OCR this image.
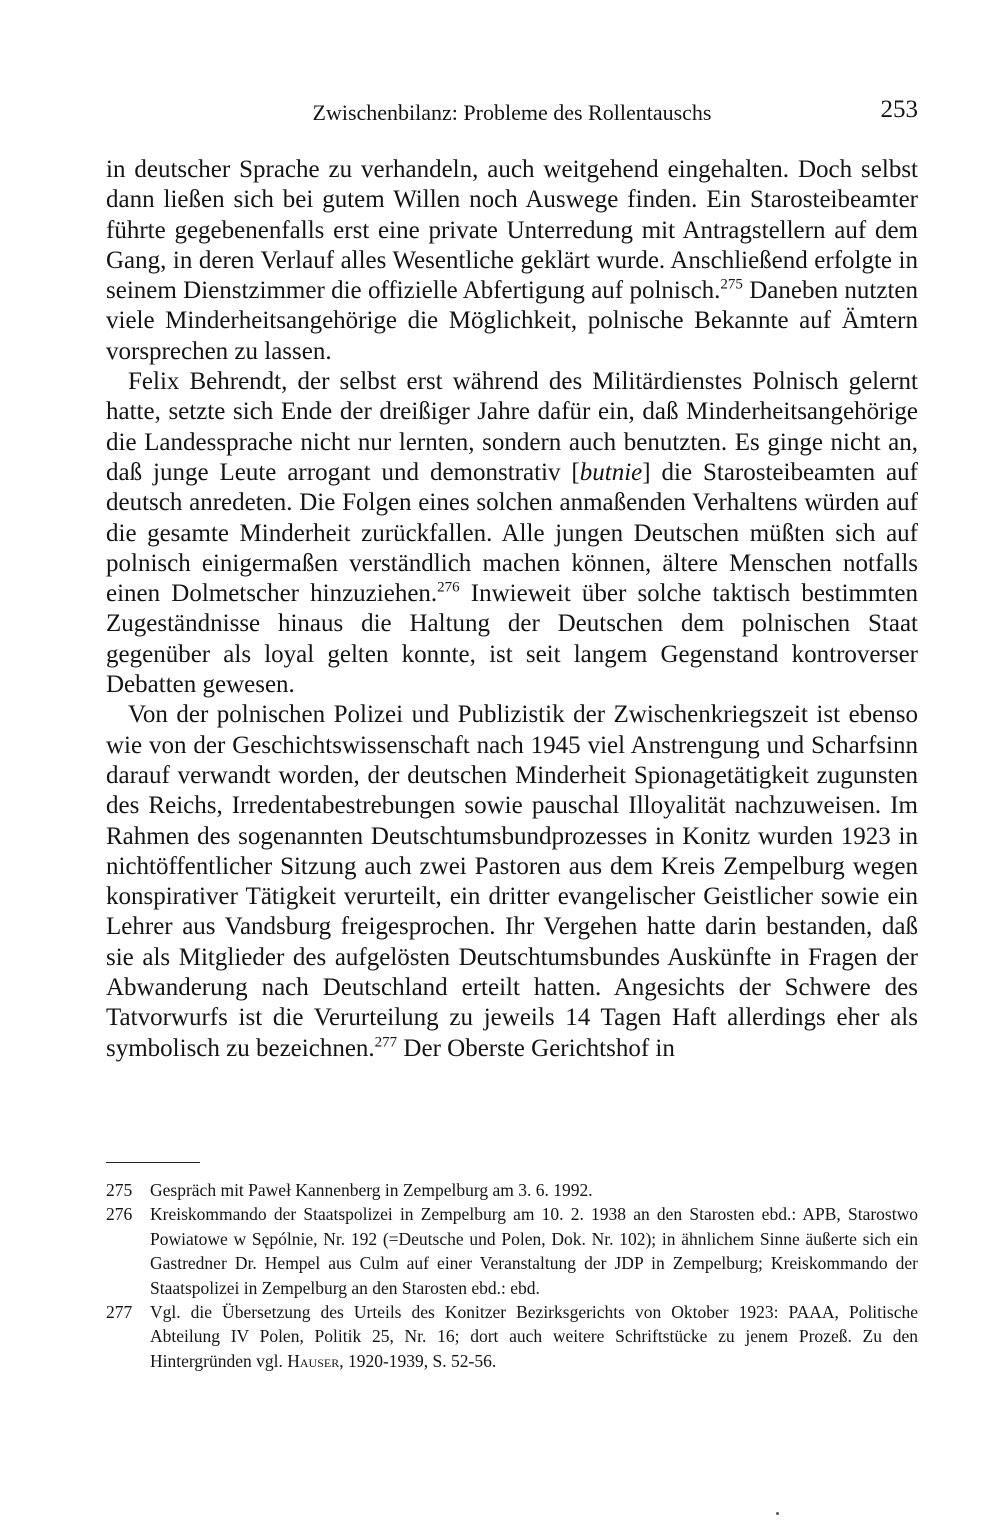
Zwischenbilanz: Probleme des Rollentauschs	253

in deutscher Sprache zu verhandeln, auch weitgehend eingehalten. Doch selbst dann ließen sich bei gutem Willen noch Auswege finden. Ein Starosteibeamter führte gegebenenfalls erst eine private Unterredung mit Antragstellern auf dem Gang, in deren Verlauf alles Wesentliche geklärt wurde. Anschließend erfolgte in seinem Dienstzimmer die offizielle Abfertigung auf polnisch.$^{275}$ Daneben nutzten viele Minderheitsangehörige die Möglichkeit, polnische Bekannte auf Ämtern vorsprechen zu lassen.

Felix Behrendt, der selbst erst während des Militärdienstes Polnisch gelernt hatte, setzte sich Ende der dreißiger Jahre dafür ein, daß Minderheitsangehörige die Landessprache nicht nur lernten, sondern auch benutzten. Es ginge nicht an, daß junge Leute arrogant und demonstrativ [butnie] die Starosteibeamten auf deutsch anredeten. Die Folgen eines solchen anmaßenden Verhaltens würden auf die gesamte Minderheit zurückfallen. Alle jungen Deutschen müßten sich auf polnisch einigermaßen verständlich machen können, ältere Menschen notfalls einen Dolmetscher hinzuziehen.$^{276}$ Inwieweit über solche taktisch bestimmten Zugeständnisse hinaus die Haltung der Deutschen dem polnischen Staat gegenüber als loyal gelten konnte, ist seit langem Gegenstand kontroverser Debatten gewesen.

Von der polnischen Polizei und Publizistik der Zwischenkriegszeit ist ebenso wie von der Geschichtswissenschaft nach 1945 viel Anstrengung und Scharfsinn darauf verwandt worden, der deutschen Minderheit Spionagetätigkeit zugunsten des Reichs, Irredentabestrebungen sowie pauschal Illoyalität nachzuweisen. Im Rahmen des sogenannten Deutschtumsbundprozesses in Konitz wurden 1923 in nichtöffentlicher Sitzung auch zwei Pastoren aus dem Kreis Zempelburg wegen konspirativer Tätigkeit verurteilt, ein dritter evangelischer Geistlicher sowie ein Lehrer aus Vandsburg freigesprochen. Ihr Vergehen hatte darin bestanden, daß sie als Mitglieder des aufgelösten Deutschtumsbundes Auskünfte in Fragen der Abwanderung nach Deutschland erteilt hatten. Angesichts der Schwere des Tatvorwurfs ist die Verurteilung zu jeweils 14 Tagen Haft allerdings eher als symbolisch zu bezeichnen.$^{277}$ Der Oberste Gerichtshof in

275 Gespräch mit Paweł Kannenberg in Zempelburg am 3. 6. 1992.

276 Kreiskommando der Staatspolizei in Zempelburg am 10. 2. 1938 an den Starosten ebd.: APB, Starostwo Powiatowe w Sępólnie, Nr. 192 (=Deutsche und Polen, Dok. Nr. 102); in ähnlichem Sinne äußerte sich ein Gastredner Dr. Hempel aus Culm auf einer Veranstaltung der JDP in Zempelburg; Kreiskommando der Staatspolizei in Zempelburg an den Starosten ebd.: ebd.

277 Vgl. die Übersetzung des Urteils des Konitzer Bezirksgerichts von Oktober 1923: PAAA, Politische Abteilung IV Polen, Politik 25, Nr. 16; dort auch weitere Schriftstücke zu jenem Prozeß. Zu den Hintergründen vgl. Hauser, 1920-1939, S. 52-56.
